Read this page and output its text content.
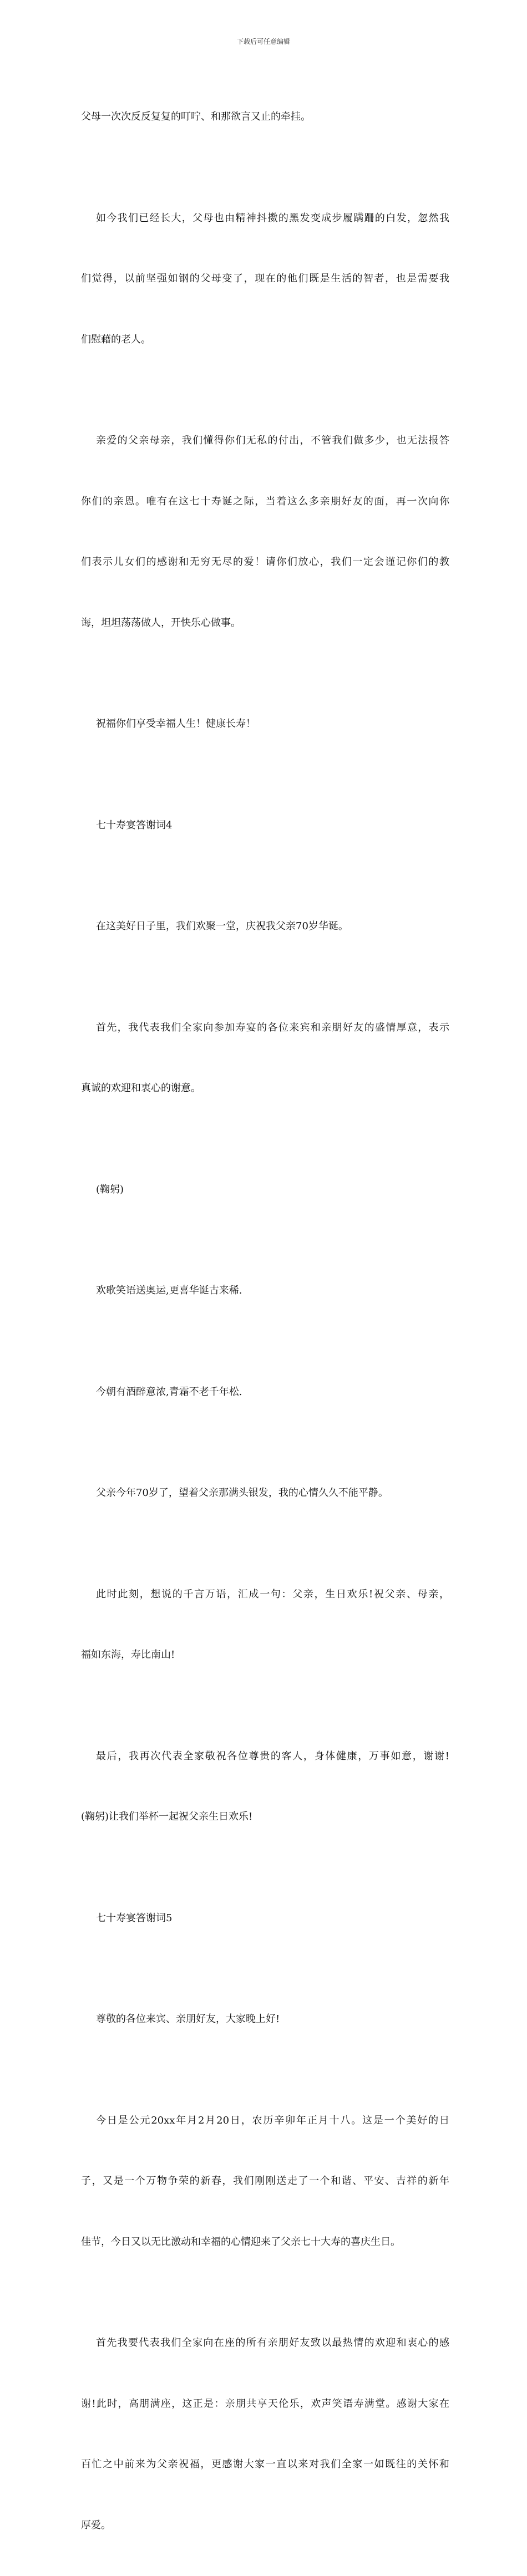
下载后可任意编辑

父母一次次反反复复的叮咛、和那欲言又止的牵挂。

如今我们已经长大，父母也由精神抖擞的黑发变成步履蹒跚的白发，忽然我

们觉得，以前坚强如钢的父母变了，现在的他们既是生活的智者，也是需要我

们慰藉的老人。

亲爱的父亲母亲，我们懂得你们无私的付出，不管我们做多少，也无法报答

你们的亲恩。唯有在这七十寿诞之际，当着这么多亲朋好友的面，再一次向你

们表示儿女们的感谢和无穷无尽的爱！请你们放心，我们一定会谨记你们的教

诲，坦坦荡荡做人，开快乐心做事。

祝福你们享受幸福人生！健康长寿！

七十寿宴答谢词4

在这美好日子里，我们欢聚一堂，庆祝我父亲70岁华诞。

首先，我代表我们全家向参加寿宴的各位来宾和亲朋好友的盛情厚意，表示

真诚的欢迎和衷心的谢意。

(鞠躬)

欢歌笑语送奥运,更喜华诞古来稀.

今朝有酒醉意浓,青霜不老千年松.

父亲今年70岁了，望着父亲那满头银发，我的心情久久不能平静。

此时此刻，想说的千言万语，汇成一句：父亲，生日欢乐!祝父亲、母亲，

福如东海，寿比南山!

最后，我再次代表全家敬祝各位尊贵的客人，身体健康，万事如意，谢谢!

(鞠躬)让我们举杯一起祝父亲生日欢乐!

七十寿宴答谢词5

尊敬的各位来宾、亲朋好友，大家晚上好!

今日是公元20xx年月2月20日，农历辛卯年正月十八。这是一个美好的日

子，又是一个万物争荣的新春，我们刚刚送走了一个和谐、平安、吉祥的新年

佳节，今日又以无比激动和幸福的心情迎来了父亲七十大寿的喜庆生日。

首先我要代表我们全家向在座的所有亲朋好友致以最热情的欢迎和衷心的感

谢!此时，高朋满座，这正是：亲朋共享天伦乐，欢声笑语寿满堂。感谢大家在

百忙之中前来为父亲祝福，更感谢大家一直以来对我们全家一如既往的关怀和

厚爱。
